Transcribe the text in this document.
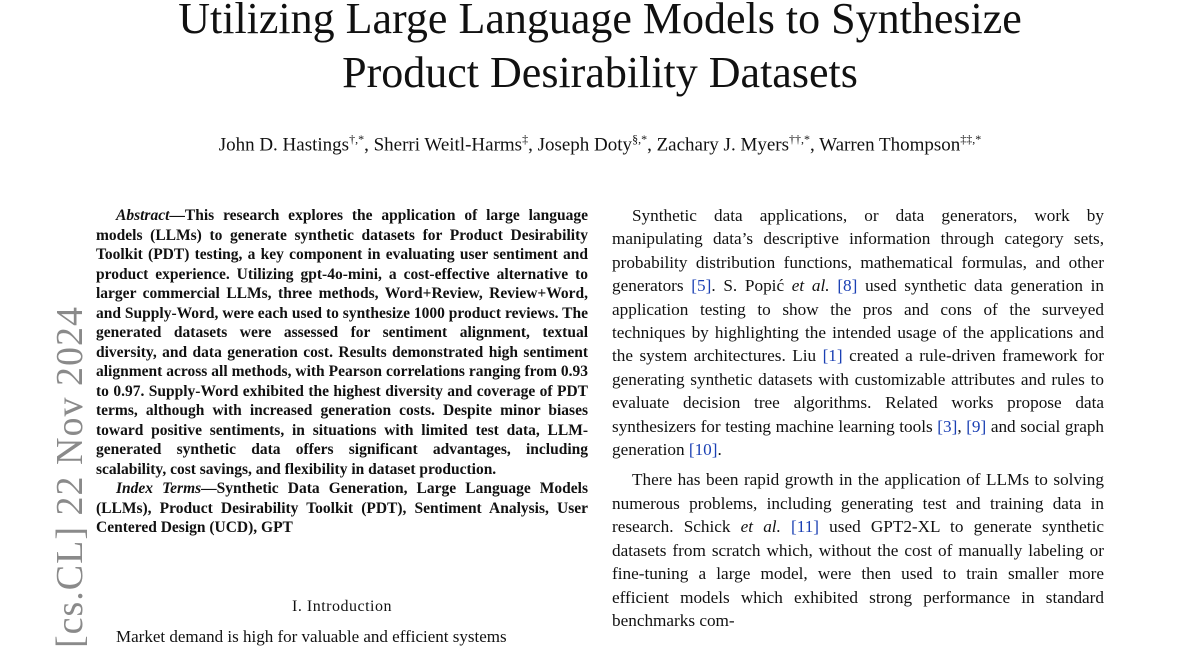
Utilizing Large Language Models to Synthesize
Product Desirability Datasets
John D. Hastings†,*, Sherri Weitl-Harms‡, Joseph Doty§,*, Zachary J. Myers††,*, Warren Thompson‡‡,*
[cs.CL] 22 Nov 2024

Abstract—This research explores the application of large language models (LLMs) to generate synthetic datasets for Product Desirability Toolkit (PDT) testing, a key component in evaluating user sentiment and product experience. Utilizing gpt-4o-mini, a cost-effective alternative to larger commercial LLMs, three methods, Word+Review, Review+Word, and Supply-Word, were each used to synthesize 1000 product reviews. The generated datasets were assessed for sentiment alignment, textual diversity, and data generation cost. Results demonstrated high sentiment alignment across all methods, with Pearson correlations ranging from 0.93 to 0.97. Supply-Word exhibited the highest diversity and coverage of PDT terms, although with increased generation costs. Despite minor biases toward positive sentiments, in situations with limited test data, LLM-generated synthetic data offers significant advantages, including scalability, cost savings, and flexibility in dataset production.

Index Terms—Synthetic Data Generation, Large Language Models (LLMs), Product Desirability Toolkit (PDT), Sentiment Analysis, User Centered Design (UCD), GPT

I. Introduction
Market demand is high for valuable and efficient systems

Synthetic data applications, or data generators, work by manipulating data’s descriptive information through category sets, probability distribution functions, mathematical formulas, and other generators [5]. S. Popić et al. [8] used synthetic data generation in application testing to show the pros and cons of the surveyed techniques by highlighting the intended usage of the applications and the system architectures. Liu [1] created a rule-driven framework for generating synthetic datasets with customizable attributes and rules to evaluate decision tree algorithms. Related works propose data synthesizers for testing machine learning tools [3], [9] and social graph generation [10].

There has been rapid growth in the application of LLMs to solving numerous problems, including generating test and training data in research. Schick et al. [11] used GPT2-XL to generate synthetic datasets from scratch which, without the cost of manually labeling or fine-tuning a large model, were then used to train smaller more efficient models which exhibited strong performance in standard benchmarks com-
